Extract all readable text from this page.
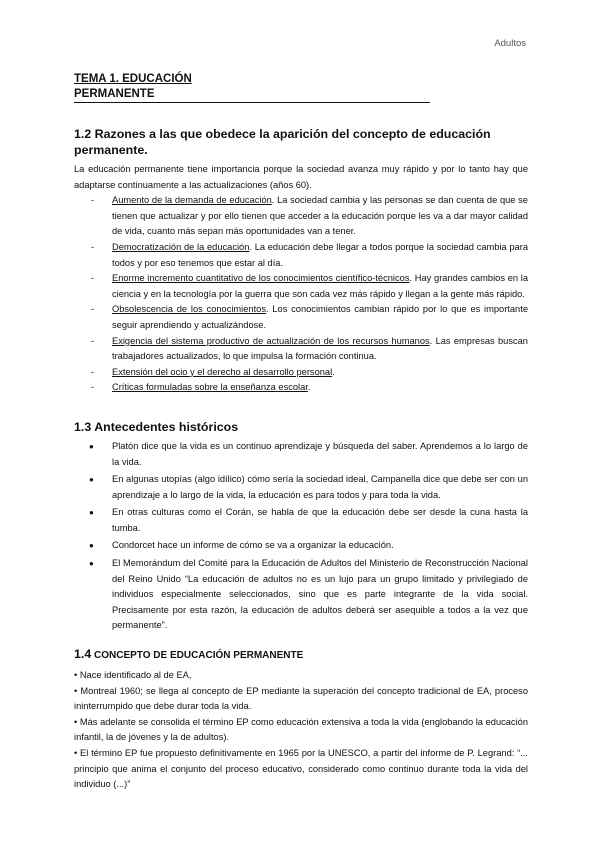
Adultos
TEMA 1. EDUCACIÓN
PERMANENTE
1.2 Razones a las que obedece la aparición del concepto de educación permanente.

La educación permanente tiene importancia porque la sociedad avanza muy rápido y por lo tanto hay que adaptarse continuamente a las actualizaciones (años 60).

- Aumento de la demanda de educación. La sociedad cambia y las personas se dan cuenta de que se tienen que actualizar y por ello tienen que acceder a la educación porque les va a dar mayor calidad de vida, cuanto más sepan más oportunidades van a tener.
- Democratización de la educación. La educación debe llegar a todos porque la sociedad cambia para todos y por eso tenemos que estar al día.
- Enorme incremento cuantitativo de los conocimientos científico-técnicos. Hay grandes cambios en la ciencia y en la tecnología por la guerra que son cada vez más rápido y llegan a la gente más rápido.
- Obsolescencia de los conocimientos. Los conocimientos cambian rápido por lo que es importante seguir aprendiendo y actualizándose.
- Exigencia del sistema productivo de actualización de los recursos humanos. Las empresas buscan trabajadores actualizados, lo que impulsa la formación continua.
- Extensión del ocio y el derecho al desarrollo personal.
- Críticas formuladas sobre la enseñanza escolar.
1.3 Antecedentes históricos
● Platón dice que la vida es un continuo aprendizaje y búsqueda del saber. Aprendemos a lo largo de la vida.
● En algunas utopías (algo idílico) cómo sería la sociedad ideal, Campanella dice que debe ser con un aprendizaje a lo largo de la vida, la educación es para todos y para toda la vida.
● En otras culturas como el Corán, se habla de que la educación debe ser desde la cuna hasta la tumba.
● Condorcet hace un informe de cómo se va a organizar la educación.
● El Memorándum del Comité para la Educación de Adultos del Ministerio de Reconstrucción Nacional del Reino Unido “La educación de adultos no es un lujo para un grupo limitado y privilegiado de individuos especialmente seleccionados, sino que es parte integrante de la vida social. Precisamente por esta razón, la educación de adultos deberá ser asequible a todos a la vez que permanente”.
1.4 CONCEPTO DE EDUCACIÓN PERMANENTE

• Nace identificado al de EA,

• Montreal 1960; se llega al concepto de EP mediante la superación del concepto tradicional de EA, proceso ininterrumpido que debe durar toda la vida.

• Más adelante se consolida el término EP como educación extensiva a toda la vida (englobando la educación infantil, la de jóvenes y la de adultos).

• El término EP fue propuesto definitivamente en 1965 por la UNESCO, a partir del informe de P. Legrand: “... principio que anima el conjunto del proceso educativo, considerado como continuo durante toda la vida del individuo (...)”
